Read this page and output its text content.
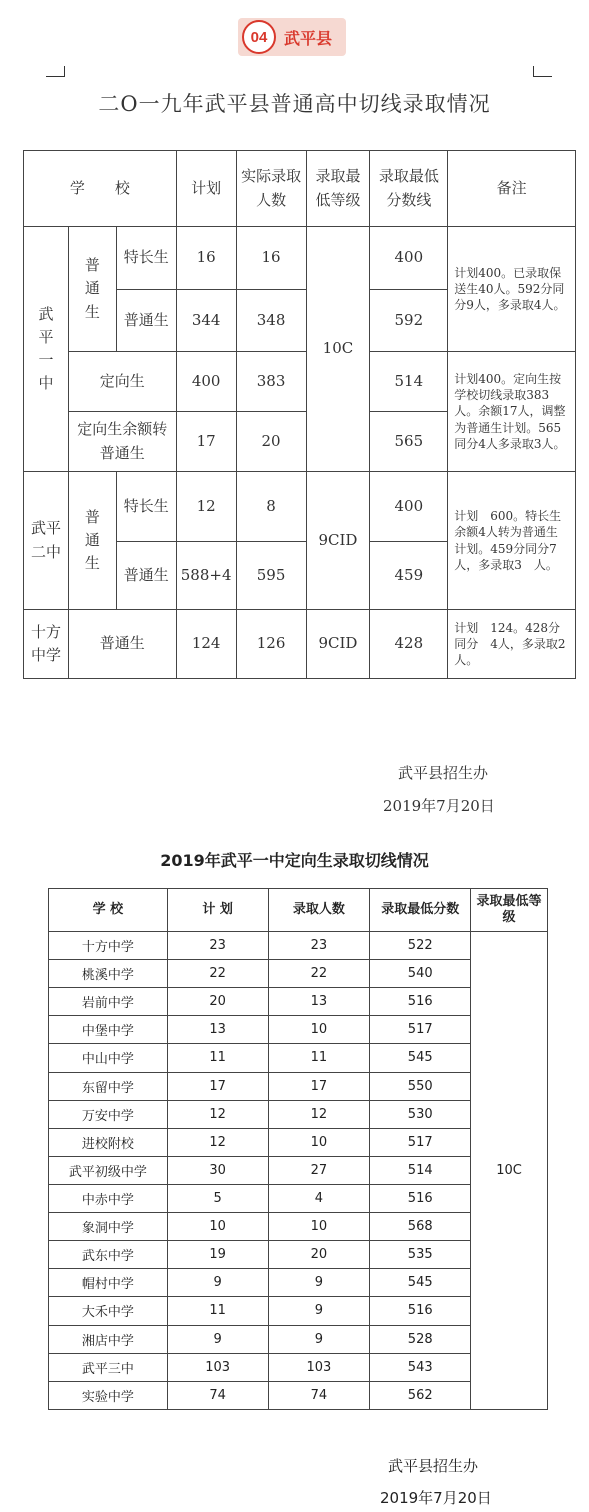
04	武平县
二O一九年武平县普通高中切线录取情况
学　　校			计划	实际录取人数	录取最低等级	录取最低分数线	备注
武平一中	普通生	特长生	16	16	10C	400	计划400。已录取保送生40人。592分同分9人，多录取4人。
		普通生	344	348		592	
	定向生		400	383		514	计划400。定向生按学校切线录取383人。余额17人，调整为普通生计划。565同分4人多录取3人。
	定向生余额转普通生		17	20		565	
武平二中	普通生	特长生	12	8	9CID	400	计划　600。特长生余额4人转为普通生计划。459分同分7人，多录取3　人。
		普通生	588+4	595		459	
十方中学	普通生		124	126	9CID	428	计划　124。428分同分　4人，多录取2人。
武平县招生办
2019年7月20日
2019年武平一中定向生录取切线情况
学 校	计 划	录取人数	录取最低分数	录取最低等级
十方中学	23	23	522	10C
桃溪中学	22	22	540	
岩前中学	20	13	516	
中堡中学	13	10	517	
中山中学	11	11	545	
东留中学	17	17	550	
万安中学	12	12	530	
进校附校	12	10	517	
武平初级中学	30	27	514	
中赤中学	5	4	516	
象洞中学	10	10	568	
武东中学	19	20	535	
帽村中学	9	9	545	
大禾中学	11	9	516	
湘店中学	9	9	528	
武平三中	103	103	543	
实验中学	74	74	562	
武平县招生办
2019年7月20日
